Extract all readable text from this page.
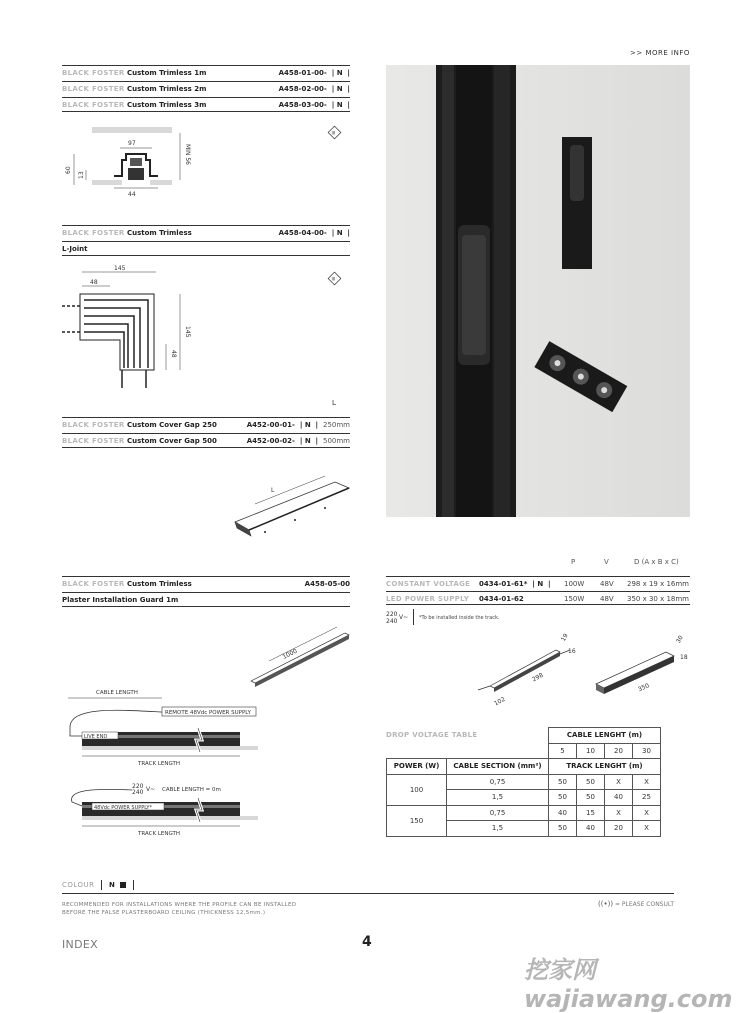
>> MORE INFO
BLACK FOSTER Custom Trimless 1m	A458-01-00-  | N  |
BLACK FOSTER Custom Trimless 2m	A458-02-00-  | N  |
BLACK FOSTER Custom Trimless 3m	A458-03-00-  | N  |
97
44
60
13
MIN 56
III
BLACK FOSTER Custom Trimless	A458-04-00-  | N  |
L-Joint
145
48
145
48
III
L
BLACK FOSTER Custom Cover Gap 250	A452-00-01-  | N  |  250mm
BLACK FOSTER Custom Cover Gap 500	A452-00-02-  | N  |  500mm
L
BLACK FOSTER Custom Trimless	A458-05-00
Plaster Installation Guard 1m
1000
CABLE LENGTH
REMOTE 48Vdc POWER SUPPLY
LIVE END
TRACK LENGTH
220
240 V~ CABLE LENGTH = 0m
48Vdc POWER SUPPLY*
TRACK LENGTH
P	V	D (A x B x C)
CONSTANT VOLTAGE 0434-01-61*  | N  | 100W 48V 298 x 19 x 16mm
LED POWER SUPPLY 0434-01-62	150W 48V 350 x 30 x 18mm
220
240
V~ *To be installed inside the track.
19
16
298
102
30
18
350
DROP VOLTAGE TABLE
			CABLE LENGHT (m)			
		5	10	20	30
POWER (W)	CABLE SECTION (mm²)	TRACK LENGHT (m)			
100	0,75	50	50	X	X
	1,5	50	50	40	25
150	0,75	40	15	X	X
	1,5	50	40	20	X
COLOUR N
RECOMMENDED FOR INSTALLATIONS WHERE THE PROFILE CAN BE INSTALLED
BEFORE THE FALSE PLASTERBOARD CEILING (THICKNESS 12,5mm.)
((•)) = PLEASE CONSULT
INDEX	4
挖家网 wajiawang.com
